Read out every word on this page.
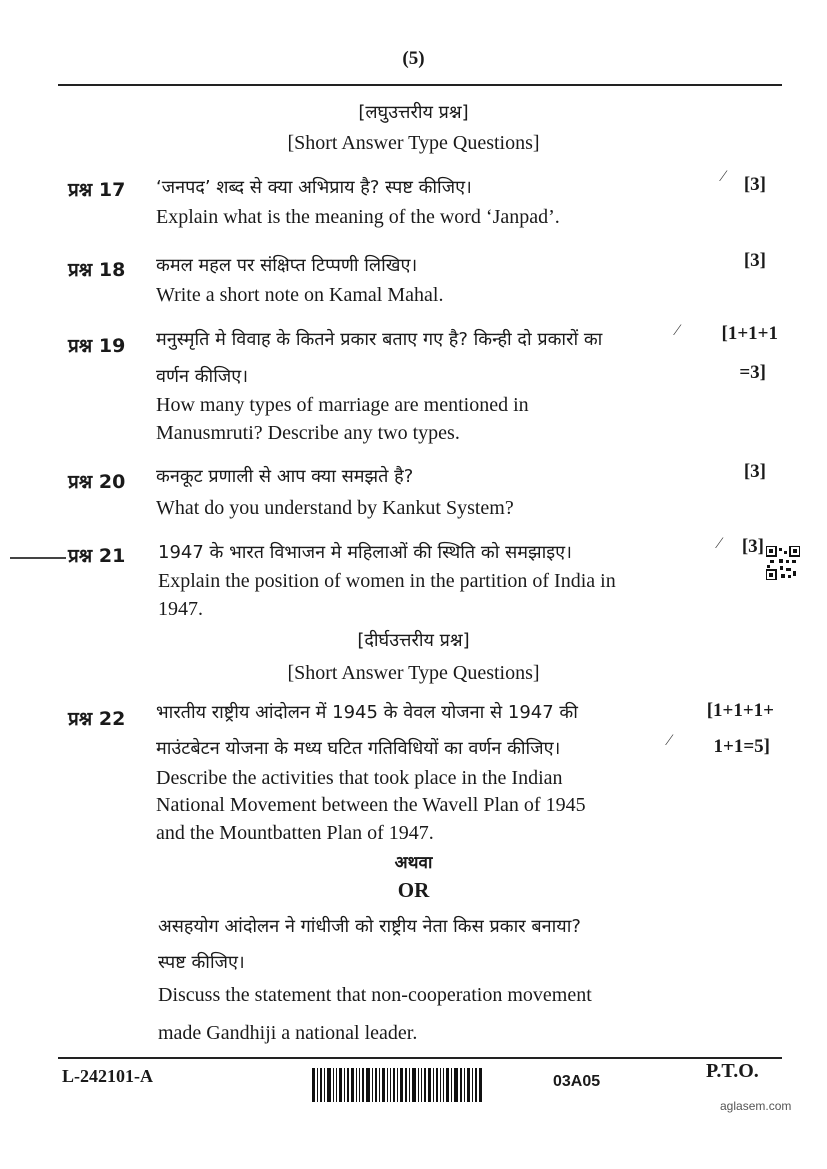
(5)
[लघुउत्तरीय प्रश्न]
[Short Answer Type Questions]
प्रश्न 17 ‘जनपद’ शब्द से क्या अभिप्राय है? स्पष्ट कीजिए।
Explain what is the meaning of the word ‘Janpad’.
⁄	[3]
प्रश्न 18 कमल महल पर संक्षिप्त टिप्पणी लिखिए।
Write a short note on Kamal Mahal.
[3]
प्रश्न 19 मनुस्मृति मे विवाह के कितने प्रकार बताए गए है? किन्ही दो प्रकारों का
वर्णन कीजिए।
How many types of marriage are mentioned in
Manusmruti? Describe any two types.
⁄	[1+1+1
=3]
प्रश्न 20 कनकूट प्रणाली से आप क्या समझते है?
What do you understand by Kankut System?
[3]
प्रश्न 21 1947 के भारत विभाजन मे महिलाओं की स्थिति को समझाइए।
Explain the position of women in the partition of India in
1947.
⁄	[3]
[दीर्घउत्तरीय प्रश्न]
[Short Answer Type Questions]
प्रश्न 22 भारतीय राष्ट्रीय आंदोलन में 1945 के वेवल योजना से 1947 की
माउंटबेटन योजना के मध्य घटित गतिविधियों का वर्णन कीजिए।
Describe the activities that took place in the Indian
National Movement between the Wavell Plan of 1945
and the Mountbatten Plan of 1947.
[1+1+1+
⁄	1+1=5]
अथवा
OR
असहयोग आंदोलन ने गांधीजी को राष्ट्रीय नेता किस प्रकार बनाया?
स्पष्ट कीजिए।
Discuss the statement that non-cooperation movement
made Gandhiji a national leader.
L-242101-A	03A05	P.T.O.
aglasem.com
